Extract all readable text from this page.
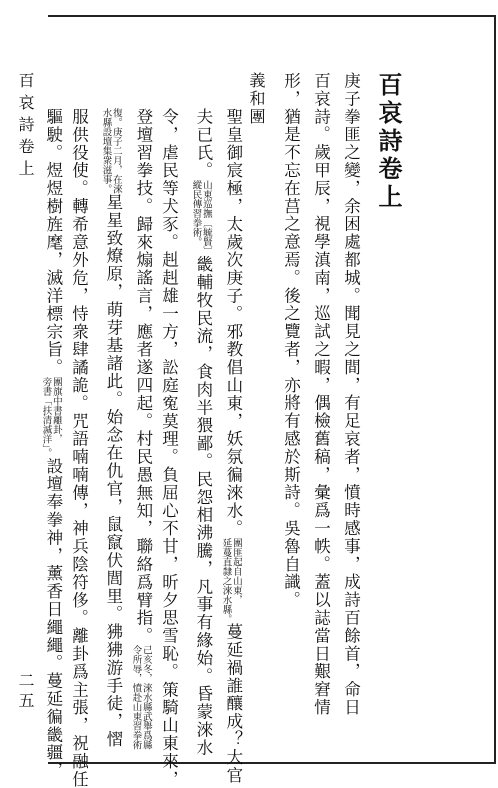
百哀詩卷上
庚子拳匪之變，余困處都城。聞見之間，有足哀者，憤時感事，成詩百餘首，命日
百哀詩。歲甲辰，視學滇南，巡試之暇，偶檢舊稿，彙爲一帙。蓋以誌當日艱窘情
形，猶是不忘在莒之意焉。後之覽者，亦將有感於斯詩。吳魯自識。
義和團
聖皇御宸極，太歲次庚子。邪教倡山東，妖氛徧淶水。團匪起自山東，
延蔓直隸之淶水縣。蔓延禍誰釀成？大官
夫已氏。山東巡撫〔毓賢〕
縱民傳習拳術。畿輔牧民流，食肉半猥鄙。民怨相沸騰，凡事有緣始。昏蒙淶水
令，虐民等犬豕。赳赳雄一方，訟庭寃莫理。負屈心不甘，昕夕思雪恥。策騎山東來，
登壇習拳技。歸來煽謠言，應者遂四起。村民愚無知，聯絡爲臂指。己亥冬，淶水縣武舉爲縣
令所辱，憤赴山東習拳術
復。庚子二月，在淶
水縣設壇集衆滋事。星星致燎原，萌芽基諸此。始念在仇官，鼠竄伏閭里。狒狒游手徒，慴
服供役使。轉希意外危，恃衆肆譎詭。咒語喃喃傳，神兵陰符侈。離卦爲主張，祝融任
驅駛。煜煜樹旌麾，滅洋標宗旨。團旗中書離卦，
旁書「扶清滅洋」。設壇奉拳神，薰香日繩繩。蔓延徧畿疆，
百哀詩卷上
二五
